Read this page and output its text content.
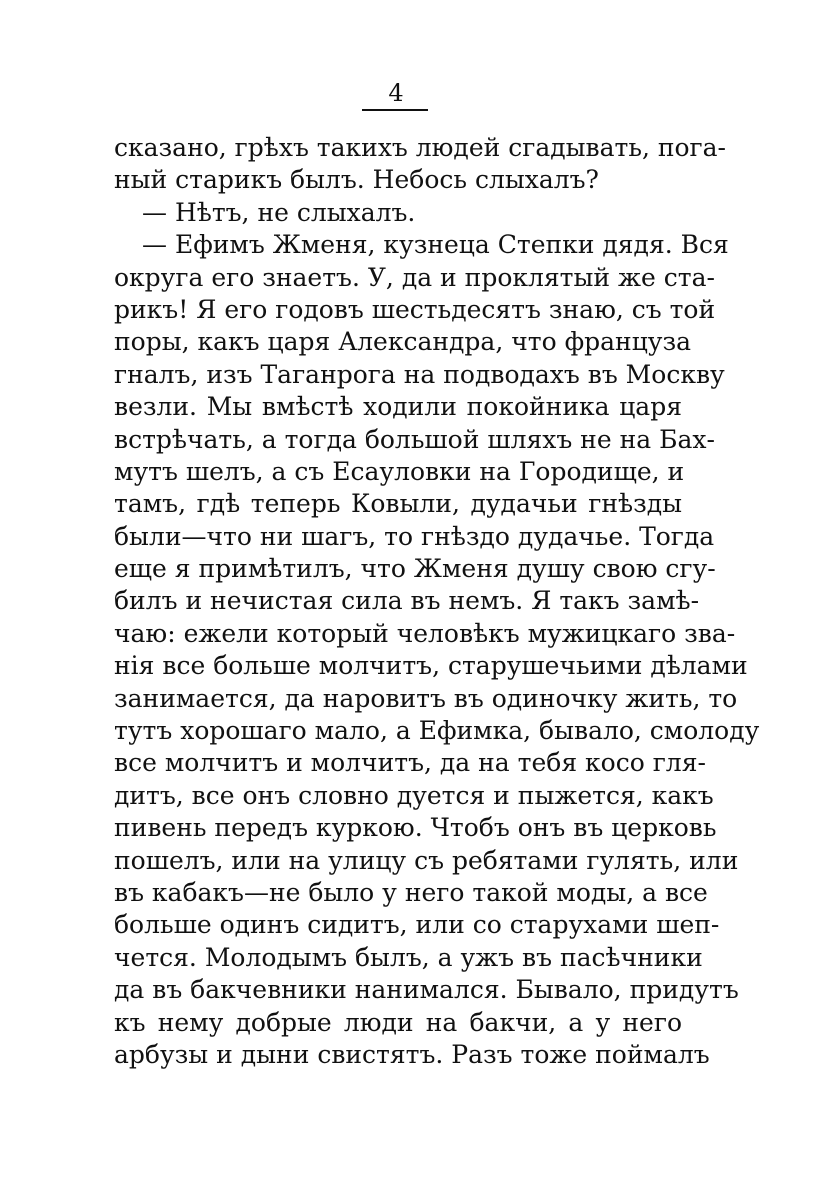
4
сказано, грѣхъ такихъ людей сгадывать, пога-
ный старикъ былъ. Небось слыхалъ?
— Нѣтъ, не слыхалъ.
— Ефимъ Жменя, кузнеца Степки дядя. Вся
округа его знаетъ. У, да и проклятый же ста-
рикъ! Я его годовъ шестьдесятъ знаю, съ той
поры, какъ царя Александра, что француза
гналъ, изъ Таганрога на подводахъ въ Москву
везли. Мы вмѣстѣ ходили покойника царя
встрѣчать, а тогда большой шляхъ не на Бах-
мутъ шелъ, а съ Есауловки на Городище, и
тамъ, гдѣ теперь Ковыли, дудачьи гнѣзды
были—что ни шагъ, то гнѣздо дудачье. Тогда
еще я примѣтилъ, что Жменя душу свою сгу-
билъ и нечистая сила въ немъ. Я такъ замѣ-
чаю: ежели который человѣкъ мужицкаго зва-
нія все больше молчитъ, старушечьими дѣлами
занимается, да наровитъ въ одиночку жить, то
тутъ хорошаго мало, а Ефимка, бывало, смолоду
все молчитъ и молчитъ, да на тебя косо гля-
дитъ, все онъ словно дуется и пыжется, какъ
пивень передъ куркою. Чтобъ онъ въ церковь
пошелъ, или на улицу съ ребятами гулять, или
въ кабакъ—не было у него такой моды, а все
больше одинъ сидитъ, или со старухами шеп-
чется. Молодымъ былъ, а ужъ въ пасѣчники
да въ бакчевники нанимался. Бывало, придутъ
къ нему добрые люди на бакчи, а у него
арбузы и дыни свистятъ. Разъ тоже поймалъ
